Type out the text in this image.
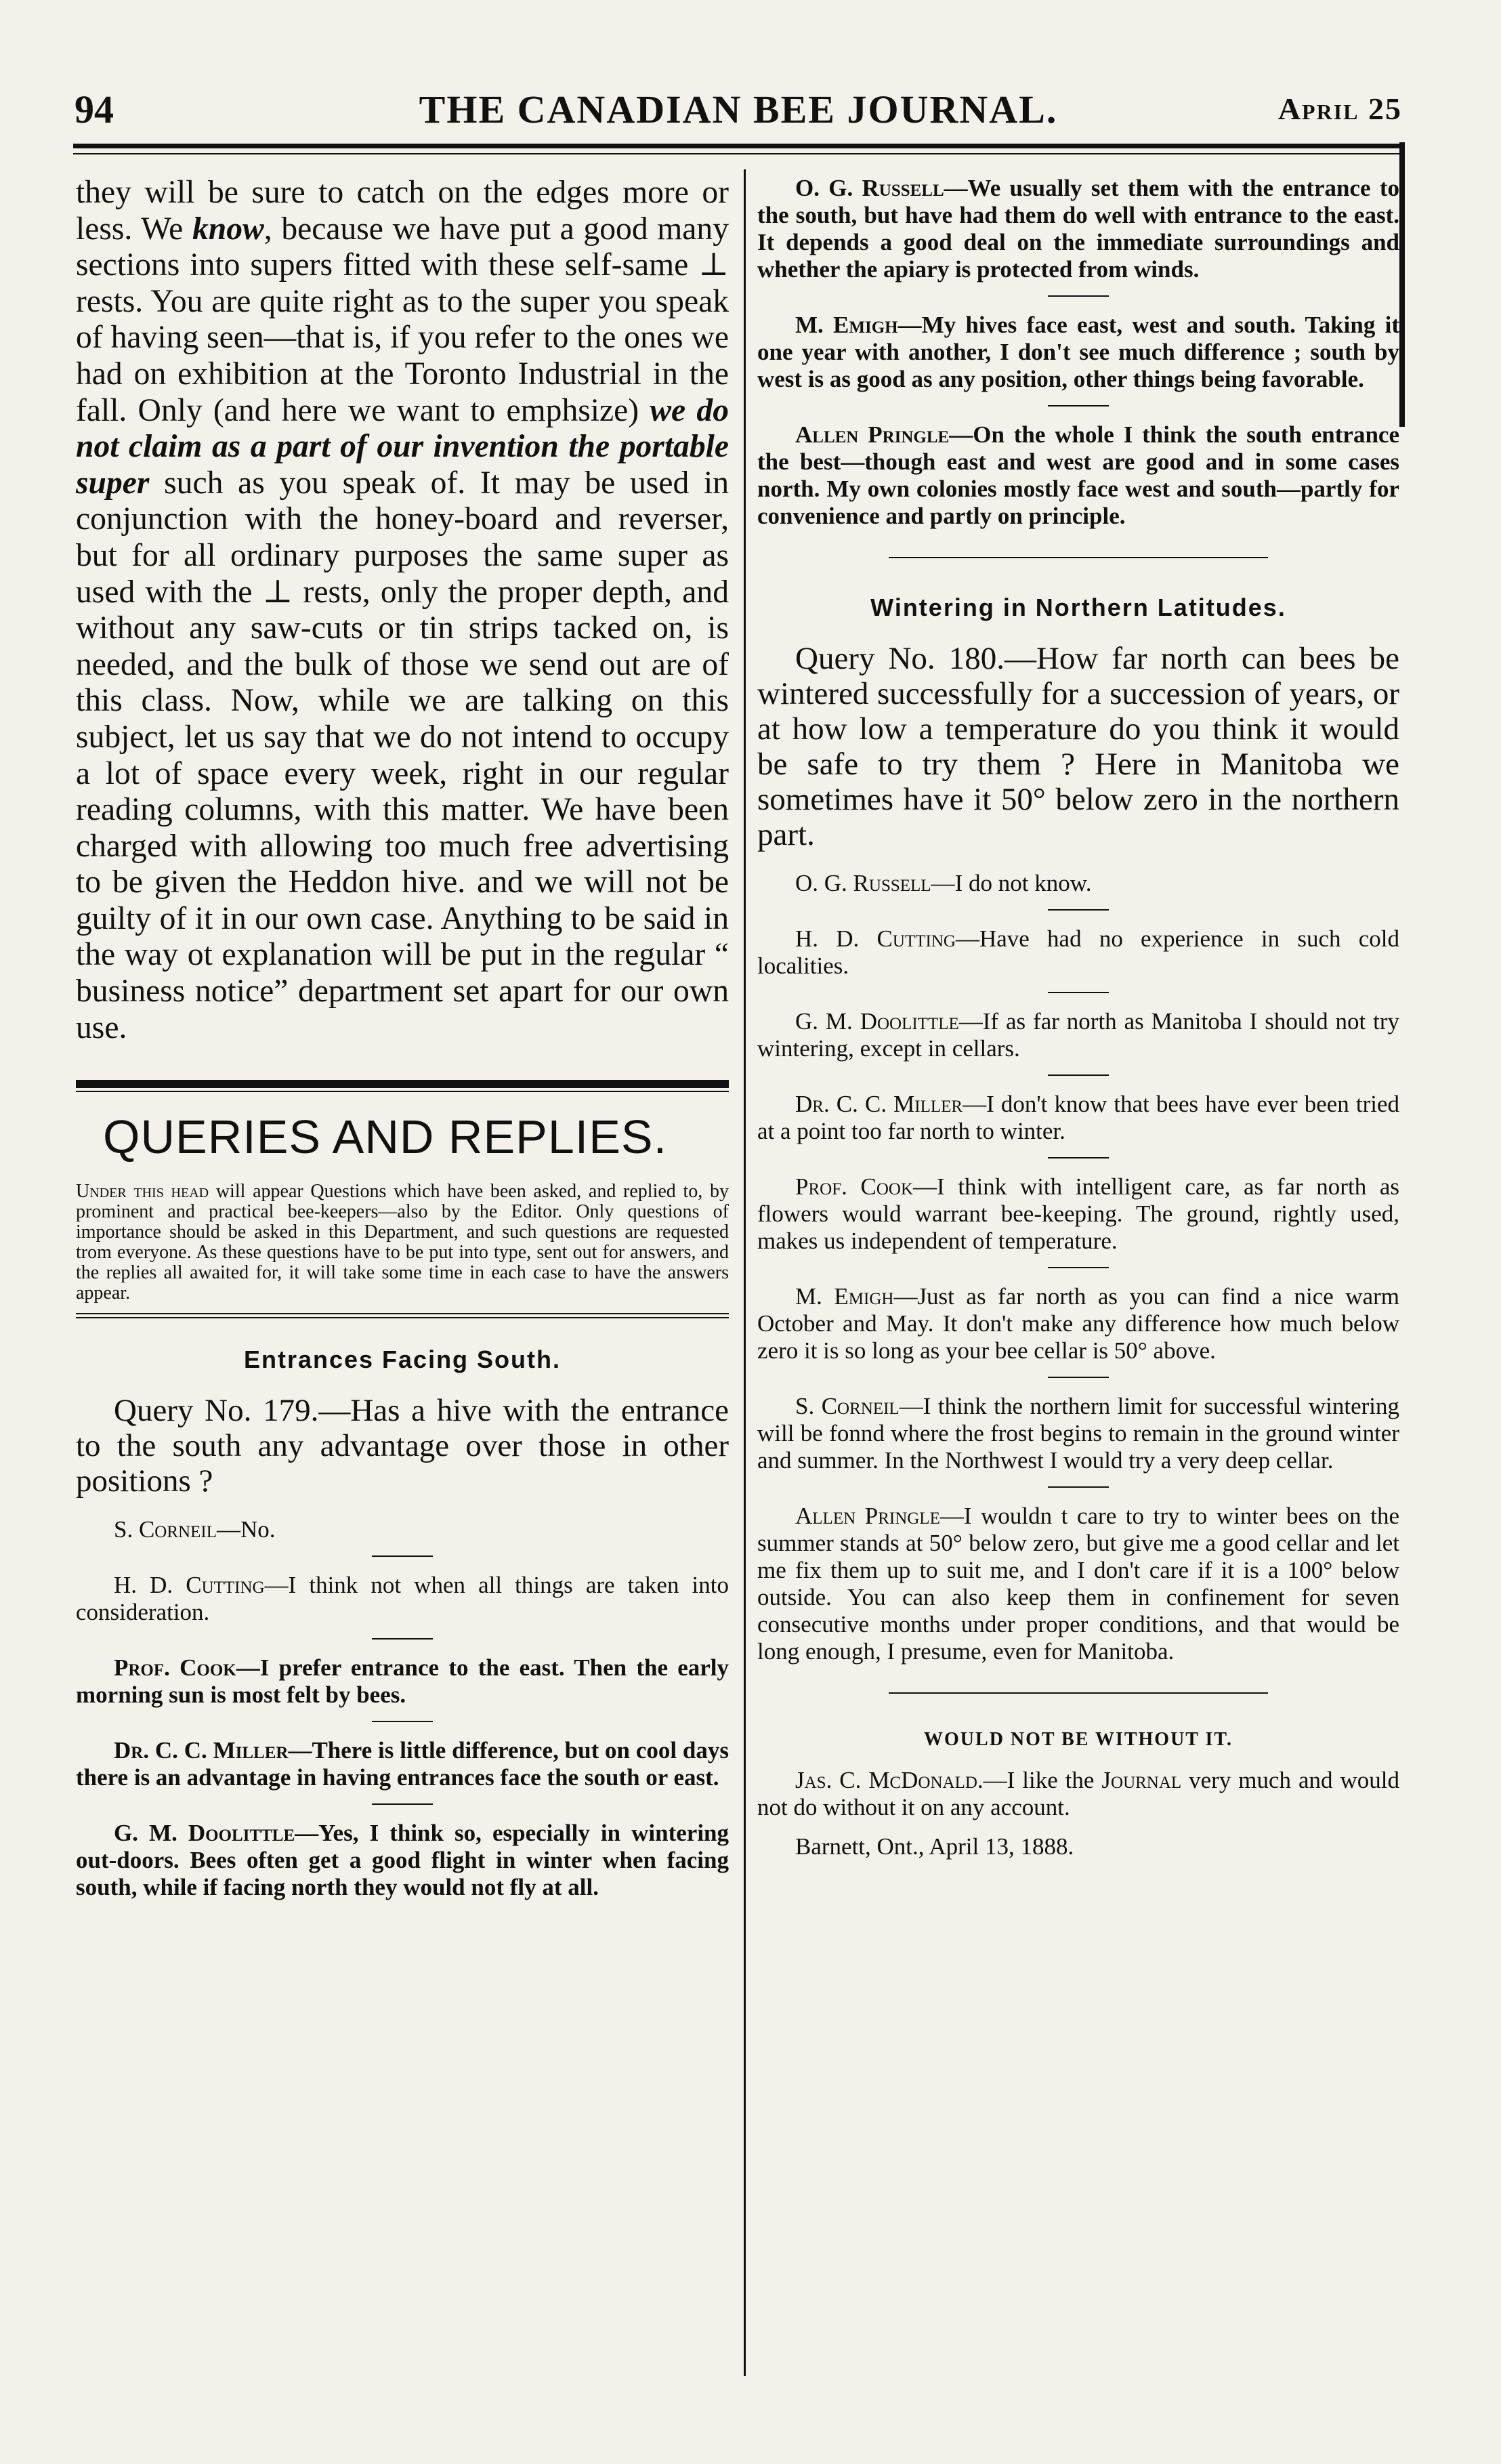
94	THE CANADIAN BEE JOURNAL.	April 25

they will be sure to catch on the edges more or less. We know, because we have put a good many sections into supers fitted with these self-same ⊥ rests. You are quite right as to the super you speak of having seen—that is, if you refer to the ones we had on exhibition at the Toronto Industrial in the fall. Only (and here we want to emphsize) we do not claim as a part of our invention the portable super such as you speak of. It may be used in conjunction with the honey-board and reverser, but for all ordinary purposes the same super as used with the ⊥ rests, only the proper depth, and without any saw-cuts or tin strips tacked on, is needed, and the bulk of those we send out are of this class. Now, while we are talking on this subject, let us say that we do not intend to occupy a lot of space every week, right in our regular reading columns, with this matter. We have been charged with allowing too much free advertising to be given the Heddon hive. and we will not be guilty of it in our own case. Anything to be said in the way ot explanation will be put in the regular “ business notice” department set apart for our own use.

QUERIES AND REPLIES.

Under this head will appear Questions which have been asked, and replied to, by prominent and practical bee-keepers—also by the Editor. Only questions of importance should be asked in this Department, and such questions are requested trom everyone. As these questions have to be put into type, sent out for answers, and the replies all awaited for, it will take some time in each case to have the answers appear.

Entrances Facing South.

Query No. 179.—Has a hive with the entrance to the south any advantage over those in other positions ?

S. Corneil—No.

H. D. Cutting—I think not when all things are taken into consideration.

Prof. Cook—I prefer entrance to the east. Then the early morning sun is most felt by bees.

Dr. C. C. Miller—There is little difference, but on cool days there is an advantage in having entrances face the south or east.

G. M. Doolittle—Yes, I think so, especially in wintering out-doors. Bees often get a good flight in winter when facing south, while if facing north they would not fly at all.

O. G. Russell—We usually set them with the entrance to the south, but have had them do well with entrance to the east. It depends a good deal on the immediate surroundings and whether the apiary is protected from winds.

M. Emigh—My hives face east, west and south. Taking it one year with another, I don't see much difference ; south by west is as good as any position, other things being favorable.

Allen Pringle—On the whole I think the south entrance the best—though east and west are good and in some cases north. My own colonies mostly face west and south—partly for convenience and partly on principle.

Wintering in Northern Latitudes.

Query No. 180.—How far north can bees be wintered successfully for a succession of years, or at how low a temperature do you think it would be safe to try them ? Here in Manitoba we sometimes have it 50° below zero in the northern part.

O. G. Russell—I do not know.

H. D. Cutting—Have had no experience in such cold localities.

G. M. Doolittle—If as far north as Manitoba I should not try wintering, except in cellars.

Dr. C. C. Miller—I don't know that bees have ever been tried at a point too far north to winter.

Prof. Cook—I think with intelligent care, as far north as flowers would warrant bee-keeping. The ground, rightly used, makes us independent of temperature.

M. Emigh—Just as far north as you can find a nice warm October and May. It don't make any difference how much below zero it is so long as your bee cellar is 50° above.

S. Corneil—I think the northern limit for successful wintering will be fonnd where the frost begins to remain in the ground winter and summer. In the Northwest I would try a very deep cellar.

Allen Pringle—I wouldn t care to try to winter bees on the summer stands at 50° below zero, but give me a good cellar and let me fix them up to suit me, and I don't care if it is a 100° below outside. You can also keep them in confinement for seven consecutive months under proper conditions, and that would be long enough, I presume, even for Manitoba.

WOULD NOT BE WITHOUT IT.

Jas. C. McDonald.—I like the Journal very much and would not do without it on any account.

Barnett, Ont., April 13, 1888.
